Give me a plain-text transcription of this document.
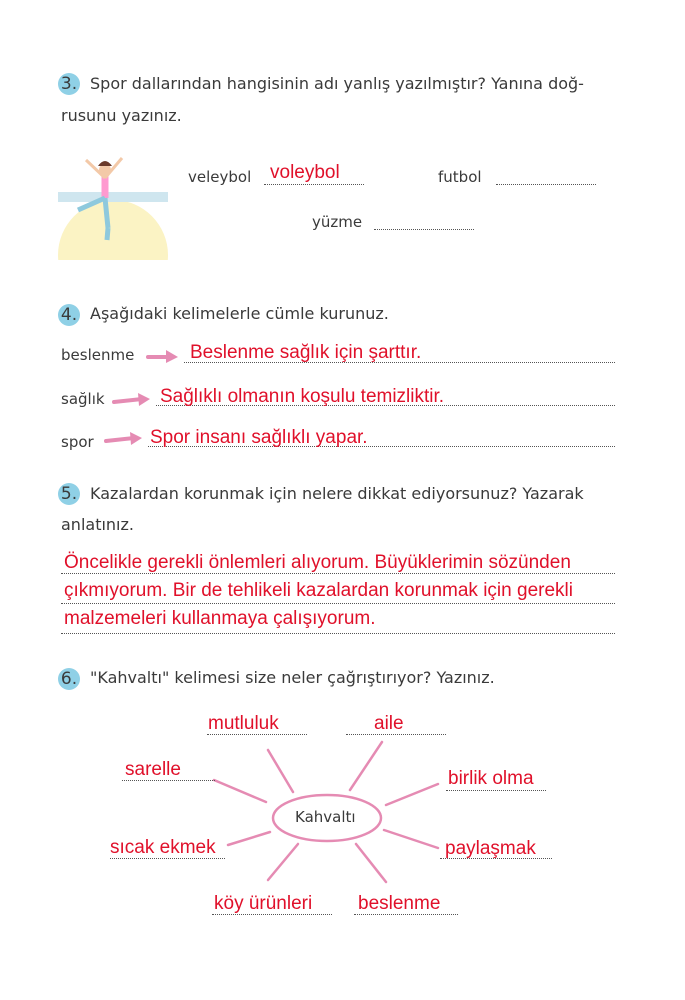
3. Spor dallarından hangisinin adı yanlış yazılmıştır? Yanına doğ-
rusunu yazınız.
veleybol voleybol	futbol
yüzme
4. Aşağıdaki kelimelerle cümle kurunuz.
beslenme	Beslenme sağlık için şarttır.
sağlık	Sağlıklı olmanın koşulu temizliktir.
spor	Spor insanı sağlıklı yapar.
5. Kazalardan korunmak için nelere dikkat ediyorsunuz? Yazarak
anlatınız.
Öncelikle gerekli önlemleri alıyorum. Büyüklerimin sözünden
çıkmıyorum. Bir de tehlikeli kazalardan korunmak için gerekli
malzemeleri kullanmaya çalışıyorum.
6. "Kahvaltı" kelimesi size neler çağrıştırıyor? Yazınız.
Kahvaltı
mutluluk	aile
sarelle	birlik olma
sıcak ekmek	paylaşmak
köy ürünleri beslenme
